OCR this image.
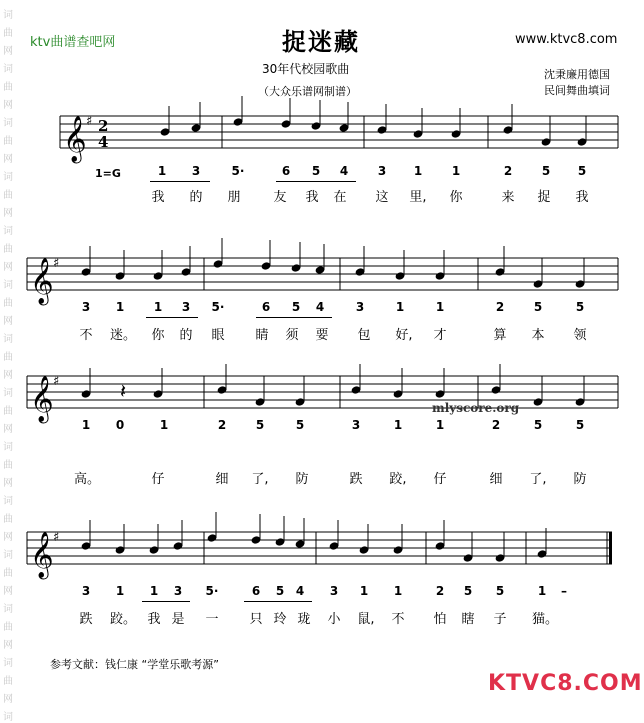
词
曲
网
词
曲
网
词
曲
网
词
曲
网
词
曲
网
词
曲
网
词
曲
网
词
曲
网
词
曲
网
词
曲
网
词
曲
网
词
曲
网
词
曲
网
词
ktv曲谱查吧网	捉迷藏
30年代校园歌曲
（大众乐谱网制谱）
www.ktvc8.com
沈秉廉用德国
民间舞曲填词
𝄞 ♯ 2
4
𝄞 ♯
𝄞 ♯
𝄞 ♯
𝄽
1=G	1	3	5·	6	5	4	3	1	1	2	5	5
3	1	1	3	5·	6	5	4	3	1	1	2	5	5
1	0	1	2	5	5	3	1	1	2	5	5
3	1	1	3	5·	6	5 4	3	1	1	2	5	5	1	–
我 的 朋	友 我 在 这 里, 你	来 捉 我
不 迷。 你 的 眼 睛 须 要 包 好, 才	算 本 领
高。	仔	细 了, 防	跌 跤, 仔	细 了, 防
跌 跤。 我 是 一 只 玲 珑 小 鼠, 不 怕 瞎 子 猫。
mlyscore.org
参考文献：钱仁康 “学堂乐歌考源”
KTVC8.COM
